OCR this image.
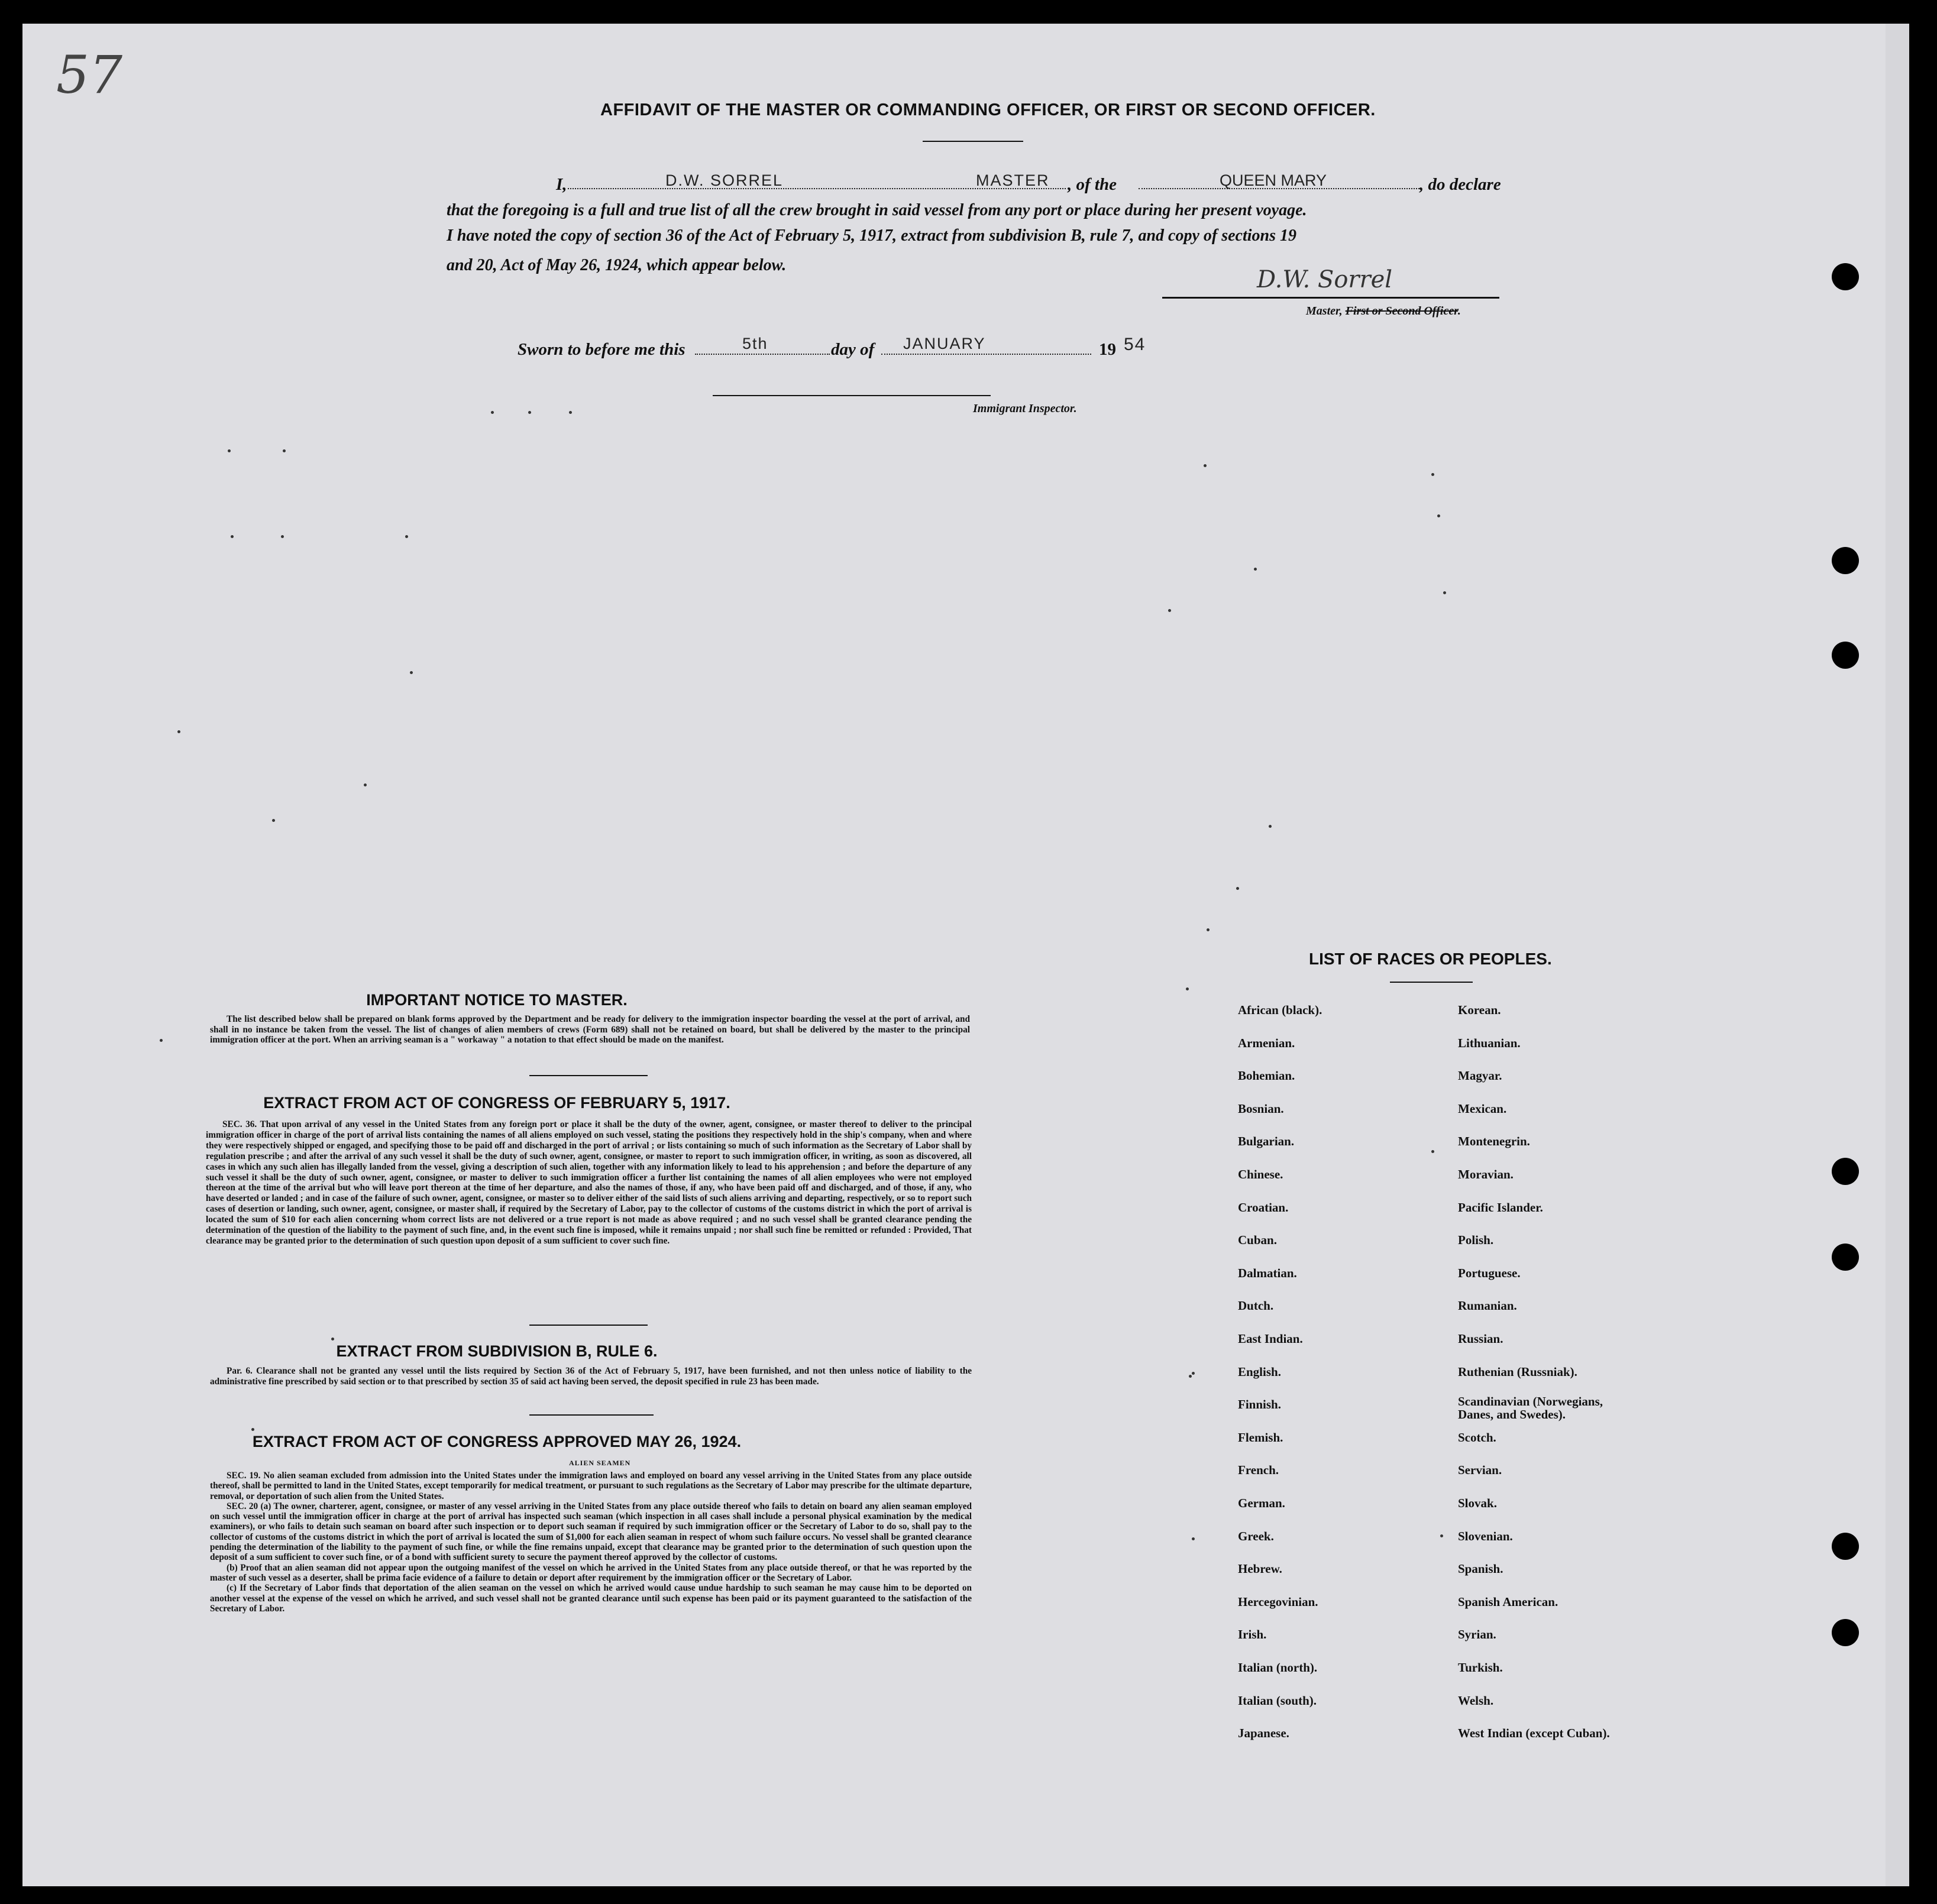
57
AFFIDAVIT OF THE MASTER OR COMMANDING OFFICER, OR FIRST OR SECOND OFFICER.
I,	D.W. SORREL	MASTER , of the	QUEEN MARY	, do declare
that the foregoing is a full and true list of all the crew brought in said vessel from any port or place during her present voyage.
I have noted the copy of section 36 of the Act of February 5, 1917, extract from subdivision B, rule 7, and copy of sections 19
and 20, Act of May 26, 1924, which appear below.
D.W. Sorrel
Master, First or Second Officer.
Sworn to before me this	5th	day of JANUARY	19 54
Immigrant Inspector.
IMPORTANT NOTICE TO MASTER.

The list described below shall be prepared on blank forms approved by the Department and be ready for delivery to the immigration inspector boarding the vessel at the port of arrival, and shall in no instance be taken from the vessel. The list of changes of alien members of crews (Form 689) shall not be retained on board, but shall be delivered by the master to the principal immigration officer at the port. When an arriving seaman is a " workaway " a notation to that effect should be made on the manifest.

EXTRACT FROM ACT OF CONGRESS OF FEBRUARY 5, 1917.

SEC. 36. That upon arrival of any vessel in the United States from any foreign port or place it shall be the duty of the owner, agent, consignee, or master thereof to deliver to the principal immigration officer in charge of the port of arrival lists containing the names of all aliens employed on such vessel, stating the positions they respectively hold in the ship's company, when and where they were respectively shipped or engaged, and specifying those to be paid off and discharged in the port of arrival ; or lists containing so much of such information as the Secretary of Labor shall by regulation prescribe ; and after the arrival of any such vessel it shall be the duty of such owner, agent, consignee, or master to report to such immigration officer, in writing, as soon as discovered, all cases in which any such alien has illegally landed from the vessel, giving a description of such alien, together with any information likely to lead to his apprehension ; and before the departure of any such vessel it shall be the duty of such owner, agent, consignee, or master to deliver to such immigration officer a further list containing the names of all alien employees who were not employed thereon at the time of the arrival but who will leave port thereon at the time of her departure, and also the names of those, if any, who have been paid off and discharged, and of those, if any, who have deserted or landed ; and in case of the failure of such owner, agent, consignee, or master so to deliver either of the said lists of such aliens arriving and departing, respectively, or so to report such cases of desertion or landing, such owner, agent, consignee, or master shall, if required by the Secretary of Labor, pay to the collector of customs of the customs district in which the port of arrival is located the sum of $10 for each alien concerning whom correct lists are not delivered or a true report is not made as above required ; and no such vessel shall be granted clearance pending the determination of the question of the liability to the payment of such fine, and, in the event such fine is imposed, while it remains unpaid ; nor shall such fine be remitted or refunded : Provided, That clearance may be granted prior to the determination of such question upon deposit of a sum sufficient to cover such fine.

EXTRACT FROM SUBDIVISION B, RULE 6.

Par. 6. Clearance shall not be granted any vessel until the lists required by Section 36 of the Act of February 5, 1917, have been furnished, and not then unless notice of liability to the administrative fine prescribed by said section or to that prescribed by section 35 of said act having been served, the deposit specified in rule 23 has been made.

EXTRACT FROM ACT OF CONGRESS APPROVED MAY 26, 1924.
ALIEN SEAMEN

SEC. 19. No alien seaman excluded from admission into the United States under the immigration laws and employed on board any vessel arriving in the United States from any place outside thereof, shall be permitted to land in the United States, except temporarily for medical treatment, or pursuant to such regulations as the Secretary of Labor may prescribe for the ultimate departure, removal, or deportation of such alien from the United States.

SEC. 20 (a) The owner, charterer, agent, consignee, or master of any vessel arriving in the United States from any place outside thereof who fails to detain on board any alien seaman employed on such vessel until the immigration officer in charge at the port of arrival has inspected such seaman (which inspection in all cases shall include a personal physical examination by the medical examiners), or who fails to detain such seaman on board after such inspection or to deport such seaman if required by such immigration officer or the Secretary of Labor to do so, shall pay to the collector of customs of the customs district in which the port of arrival is located the sum of $1,000 for each alien seaman in respect of whom such failure occurs. No vessel shall be granted clearance pending the determination of the liability to the payment of such fine, or while the fine remains unpaid, except that clearance may be granted prior to the determination of such question upon the deposit of a sum sufficient to cover such fine, or of a bond with sufficient surety to secure the payment thereof approved by the collector of customs.

(b) Proof that an alien seaman did not appear upon the outgoing manifest of the vessel on which he arrived in the United States from any place outside thereof, or that he was reported by the master of such vessel as a deserter, shall be prima facie evidence of a failure to detain or deport after requirement by the immigration officer or the Secretary of Labor.

(c) If the Secretary of Labor finds that deportation of the alien seaman on the vessel on which he arrived would cause undue hardship to such seaman he may cause him to be deported on another vessel at the expense of the vessel on which he arrived, and such vessel shall not be granted clearance until such expense has been paid or its payment guaranteed to the satisfaction of the Secretary of Labor.

LIST OF RACES OR PEOPLES.
African (black).
Armenian.
Bohemian.
Bosnian.
Bulgarian.
Chinese.
Croatian.
Cuban.
Dalmatian.
Dutch.
East Indian.
English.
Finnish.
Flemish.
French.
German.
Greek.
Hebrew.
Hercegovinian.
Irish.
Italian (north).
Italian (south).
Japanese.
Korean.
Lithuanian.
Magyar.
Mexican.
Montenegrin.
Moravian.
Pacific Islander.
Polish.
Portuguese.
Rumanian.
Russian.
Ruthenian (Russniak).
Scandinavian (Norwegians, Danes, and Swedes).
Scotch.
Servian.
Slovak.
Slovenian.
Spanish.
Spanish American.
Syrian.
Turkish.
Welsh.
West Indian (except Cuban).
